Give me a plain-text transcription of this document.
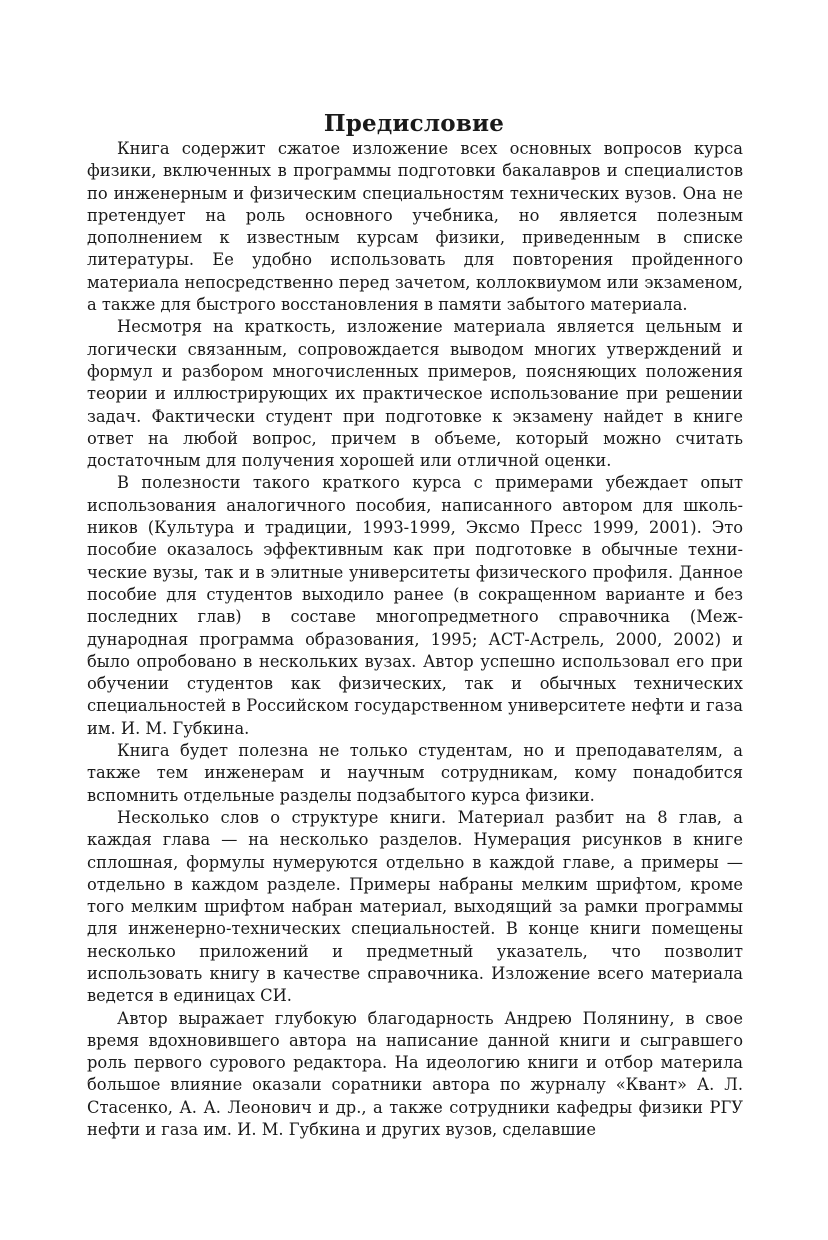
Предисловие

Книга содержит сжатое изложение всех основных вопросов курса физики, включенных в программы подготовки бакалавров и специалистов по инженерным и физическим специальностям технических вузов. Она не претендует на роль основного учебника, но является полезным дополнением к известным курсам физики, приведенным в списке литературы. Ее удобно использовать для повторения пройденного материала непосредственно перед зачетом, коллоквиумом или экзаменом, а также для быстрого восстановления в памяти забытого материала.

Несмотря на краткость, изложение материала является цельным и логически связанным, сопровождается выводом многих утверждений и формул и разбором многочисленных примеров, поясняющих положения теории и иллюстрирующих их практическое использование при решении задач. Фактически студент при подготовке к экзамену найдет в книге ответ на любой вопрос, причем в объеме, который можно считать достаточным для получения хорошей или отличной оценки.

В полезности такого краткого курса с примерами убеждает опыт использования аналогичного пособия, написанного автором для школьников (Культура и традиции, 1993-1999, Эксмо Пресс 1999, 2001). Это пособие оказалось эффективным как при подготовке в обычные технические вузы, так и в элитные университеты физического профиля. Данное пособие для студентов выходило ранее (в сокращенном варианте и без последних глав) в составе многопредметного справочника (Международная программа образования, 1995; АСТ-Астрель, 2000, 2002) и было опробовано в нескольких вузах. Автор успешно использовал его при обучении студентов как физических, так и обычных технических специальностей в Российском государственном университете нефти и газа им. И. М. Губкина.

Книга будет полезна не только студентам, но и преподавателям, а также тем инженерам и научным сотрудникам, кому понадобится вспомнить отдельные разделы подзабытого курса физики.

Несколько слов о структуре книги. Материал разбит на 8 глав, а каждая глава — на несколько разделов. Нумерация рисунков в книге сплошная, формулы нумеруются отдельно в каждой главе, а примеры — отдельно в каждом разделе. Примеры набраны мелким шрифтом, кроме того мелким шрифтом набран материал, выходящий за рамки программы для инженерно-технических специальностей. В конце книги помещены несколько приложений и предметный указатель, что позволит использовать книгу в качестве справочника. Изложение всего материала ведется в единицах СИ.

Автор выражает глубокую благодарность Андрею Полянину, в свое время вдохновившего автора на написание данной книги и сыгравшего роль первого сурового редактора. На идеологию книги и отбор материла большое влияние оказали соратники автора по журналу «Квант» А. Л. Стасенко, А. А. Леонович и др., а также сотрудники кафедры физики РГУ нефти и газа им. И. М. Губкина и других вузов, сделавшие
